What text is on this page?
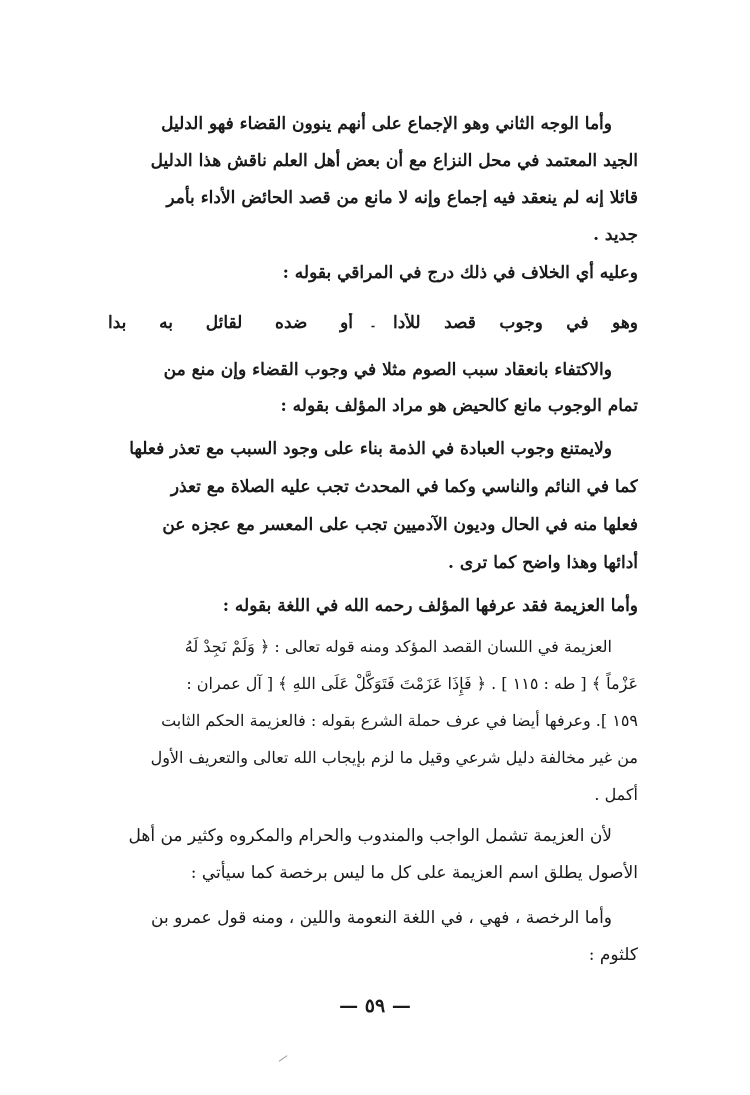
وأما الوجه الثاني وهو الإجماع على أنهم ينوون القضاء فهو الدليل
الجيد المعتمد في محل النزاع مع أن بعض أهل العلم ناقش هذا الدليل
قائلا إنه لم ينعقد فيه إجماع وإنه لا مانع من قصد الحائض الأداء بأمر
جديد .
وعليه أي الخلاف في ذلك درج في المراقي بقوله :
وهو في وجوب قصد للأدا
۔
أو ضده لقائل به بدا
والاكتفاء بانعقاد سبب الصوم مثلا في وجوب القضاء وإن منع من
تمام الوجوب مانع كالحيض هو مراد المؤلف بقوله :
ولايمتنع وجوب العبادة في الذمة بناء على وجود السبب مع تعذر فعلها
كما في النائم والناسي وكما في المحدث تجب عليه الصلاة مع تعذر
فعلها منه في الحال وديون الآدميين تجب على المعسر مع عجزه عن
أدائها وهذا واضح كما ترى .
وأما العزيمة فقد عرفها المؤلف رحمه الله في اللغة بقوله :
العزيمة في اللسان القصد المؤكد ومنه قوله تعالى : ﴿ وَلَمْ نَجِدْ لَهُ
عَزْماً ﴾ [ طه : ١١٥ ] . ﴿ فَإِذَا عَزَمْتَ فَتَوَكَّلْ عَلَى اللهِ ﴾ [ آل عمران :
١٥٩ ]. وعرفها أيضا في عرف حملة الشرع بقوله : فالعزيمة الحكم الثابت
من غير مخالفة دليل شرعي وقيل ما لزم بإيجاب الله تعالى والتعريف الأول
أكمل .
لأن العزيمة تشمل الواجب والمندوب والحرام والمكروه وكثير من أهل
الأصول يطلق اسم العزيمة على كل ما ليس برخصة كما سيأتي :
وأما الرخصة ، فهي ، في اللغة النعومة واللين ، ومنه قول عمرو بن
كلثوم :
— ٥٩ —
